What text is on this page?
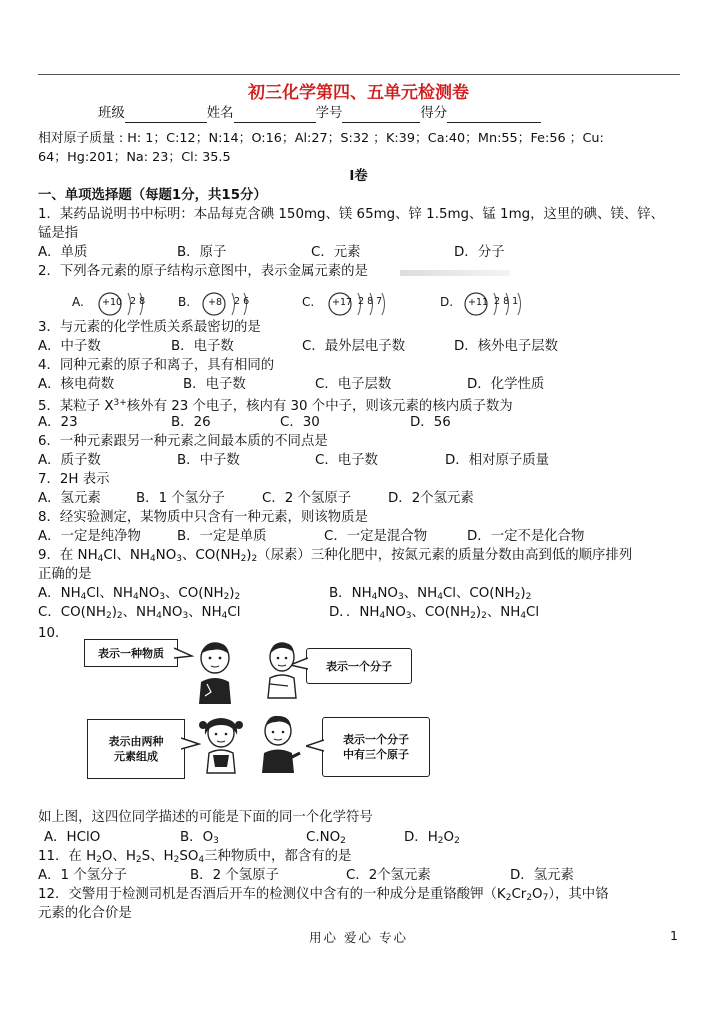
初三化学第四、五单元检测卷
班级	姓名	学号	得分
相对原子质量 : H: 1；C:12；N:14；O:16；Al:27；S:32 ；K:39；Ca:40；Mn:55；Fe:56 ；Cu:
64；Hg:201；Na: 23；Cl: 35.5
I卷
一、单项选择题（每题1分，共15分）
1．某药品说明书中标明：本品每克含碘 150mg、镁 65mg、锌 1.5mg、锰 1mg，这里的碘、镁、锌、
锰是指
A．单质	B．原子	C．元素	D．分子
2．下列各元素的原子结构示意图中，表示金属元素的是
A. +10 2 8	B. +8 2 6	C. +17 2 8 7	D. +11 2 8 1
3．与元素的化学性质关系最密切的是
A．中子数	B．电子数	C．最外层电子数	D．核外电子层数
4．同种元素的原子和离子，具有相同的
A．核电荷数	B．电子数	C．电子层数	D．化学性质
5．某粒子 $X^{3+}$核外有 23 个电子，核内有 30 个中子，则该元素的核内质子数为
A．23	B．26	C．30	D．56
6．一种元素跟另一种元素之间最本质的不同点是
A．质子数	B．中子数	C．电子数	D．相对原子质量
7．2H 表示
A．氢元素	B．1 个氢分子	C．2 个氢原子	D．2个氢元素
8．经实验测定，某物质中只含有一种元素，则该物质是
A．一定是纯净物	B．一定是单质	C．一定是混合物	D．一定不是化合物
9．在 $NH_4Cl$、$NH_4NO_3$、$CO(NH_2)_2$（尿素）三种化肥中，按氮元素的质量分数由高到低的顺序排列
正确的是
A．$NH_4Cl$、$NH_4NO_3$、$CO(NH_2)_2$	B．$NH_4NO_3$、$NH_4Cl$、$CO(NH_2)_2$
C．$CO(NH_2)_2$、$NH_4NO_3$、$NH_4Cl$	D．．$NH_4NO_3$、$CO(NH_2)_2$、$NH_4Cl$
10．
表示一种物质
表示一个分子
表示由两种
元素组成
表示一个分子
中有三个原子
如上图，这四位同学描述的可能是下面的同一个化学符号
A．HClO	B．$O_3$	$C.NO_2$	D．$H_2O_2$
11．在 $H_2O$、$H_2S$、$H_2SO_4$三种物质中，都含有的是
A．1 个氢分子	B．2 个氢原子	C．2个氢元素	D．氢元素
12．交警用于检测司机是否酒后开车的检测仪中含有的一种成分是重铬酸钾$(K_2Cr_2O_7)$，其中铬
元素的化合价是
用心 爱心 专心	1
